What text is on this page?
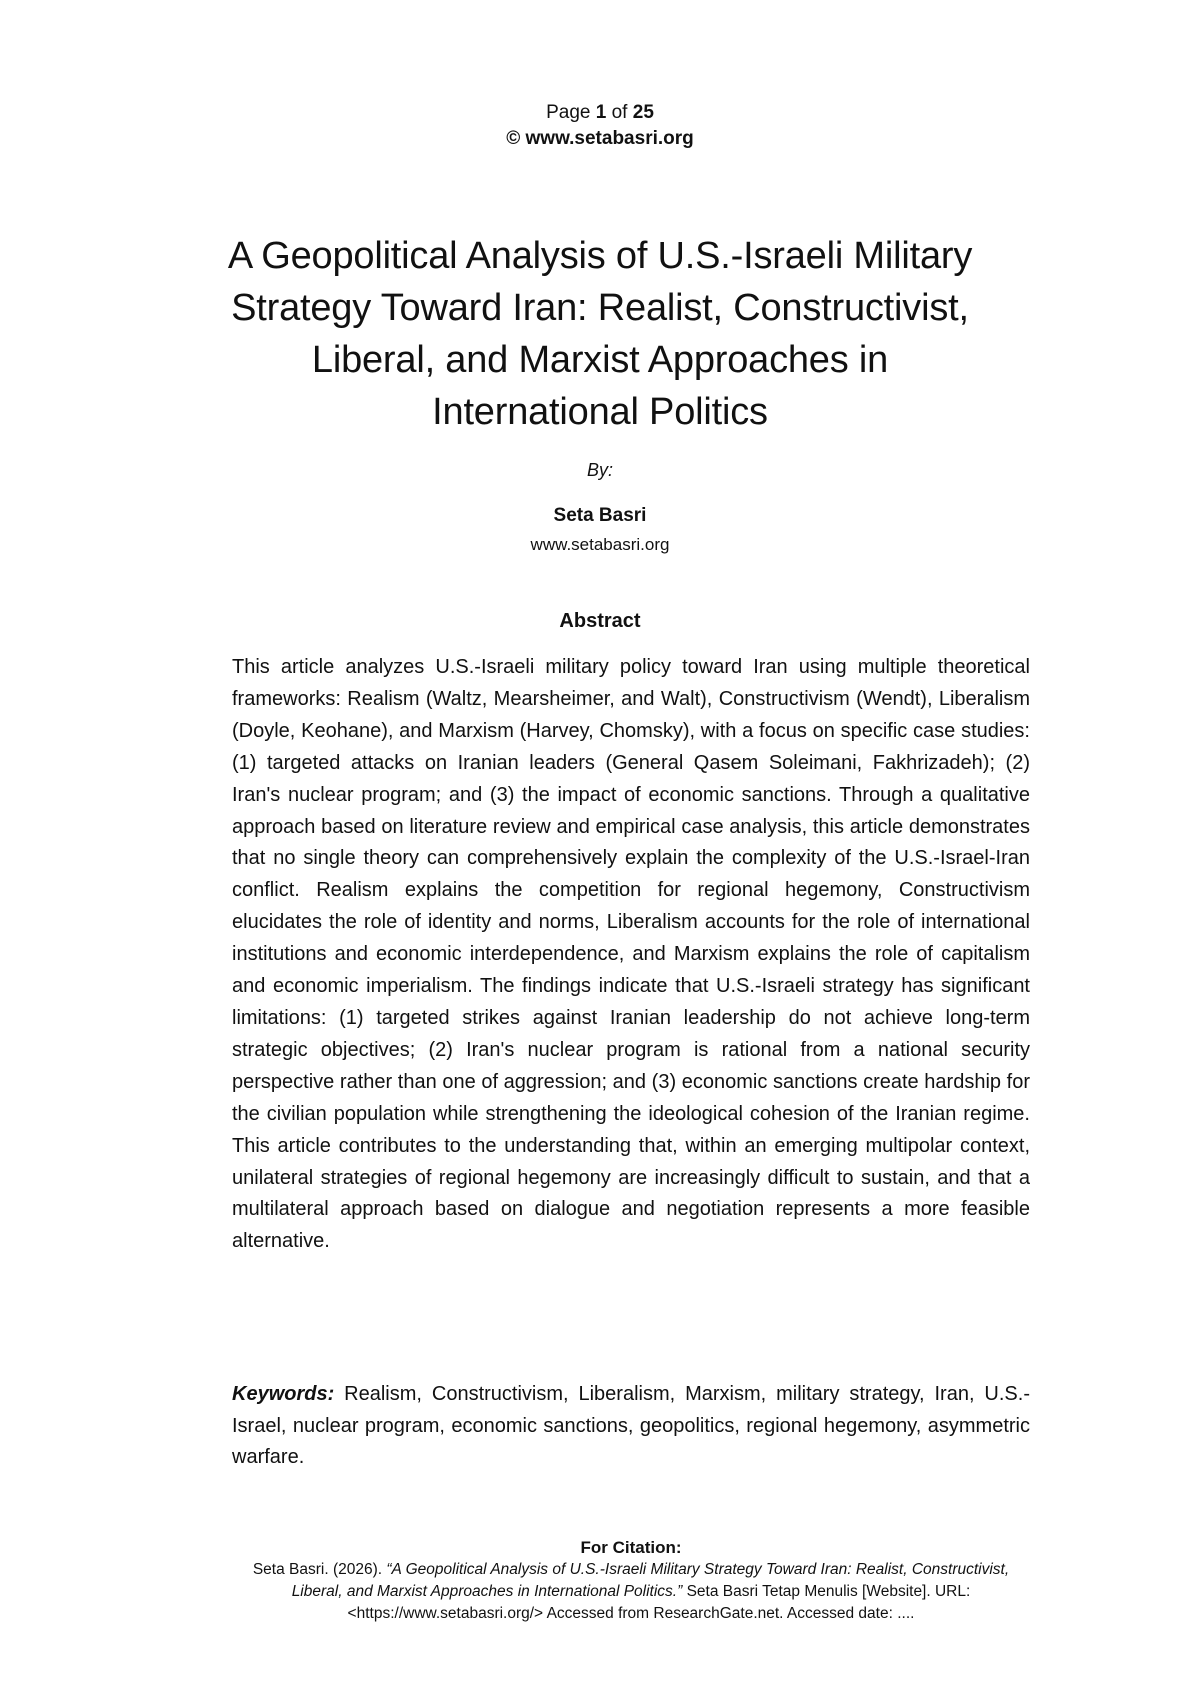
Page 1 of 25
© www.setabasri.org
A Geopolitical Analysis of U.S.-Israeli Military Strategy Toward Iran: Realist, Constructivist, Liberal, and Marxist Approaches in International Politics
By:
Seta Basri
www.setabasri.org
Abstract

This article analyzes U.S.-Israeli military policy toward Iran using multiple theoretical frameworks: Realism (Waltz, Mearsheimer, and Walt), Constructivism (Wendt), Liberalism (Doyle, Keohane), and Marxism (Harvey, Chomsky), with a focus on specific case studies: (1) targeted attacks on Iranian leaders (General Qasem Soleimani, Fakhrizadeh); (2) Iran's nuclear program; and (3) the impact of economic sanctions. Through a qualitative approach based on literature review and empirical case analysis, this article demonstrates that no single theory can comprehensively explain the complexity of the U.S.-Israel-Iran conflict. Realism explains the competition for regional hegemony, Constructivism elucidates the role of identity and norms, Liberalism accounts for the role of international institutions and economic interdependence, and Marxism explains the role of capitalism and economic imperialism. The findings indicate that U.S.-Israeli strategy has significant limitations: (1) targeted strikes against Iranian leadership do not achieve long-term strategic objectives; (2) Iran's nuclear program is rational from a national security perspective rather than one of aggression; and (3) economic sanctions create hardship for the civilian population while strengthening the ideological cohesion of the Iranian regime. This article contributes to the understanding that, within an emerging multipolar context, unilateral strategies of regional hegemony are increasingly difficult to sustain, and that a multilateral approach based on dialogue and negotiation represents a more feasible alternative.

Keywords: Realism, Constructivism, Liberalism, Marxism, military strategy, Iran, U.S.-Israel, nuclear program, economic sanctions, geopolitics, regional hegemony, asymmetric warfare.

For Citation:
Seta Basri. (2026). “A Geopolitical Analysis of U.S.-Israeli Military Strategy Toward Iran: Realist, Constructivist, Liberal, and Marxist Approaches in International Politics.” Seta Basri Tetap Menulis [Website]. URL: <https://www.setabasri.org/> Accessed from ResearchGate.net. Accessed date: ....
